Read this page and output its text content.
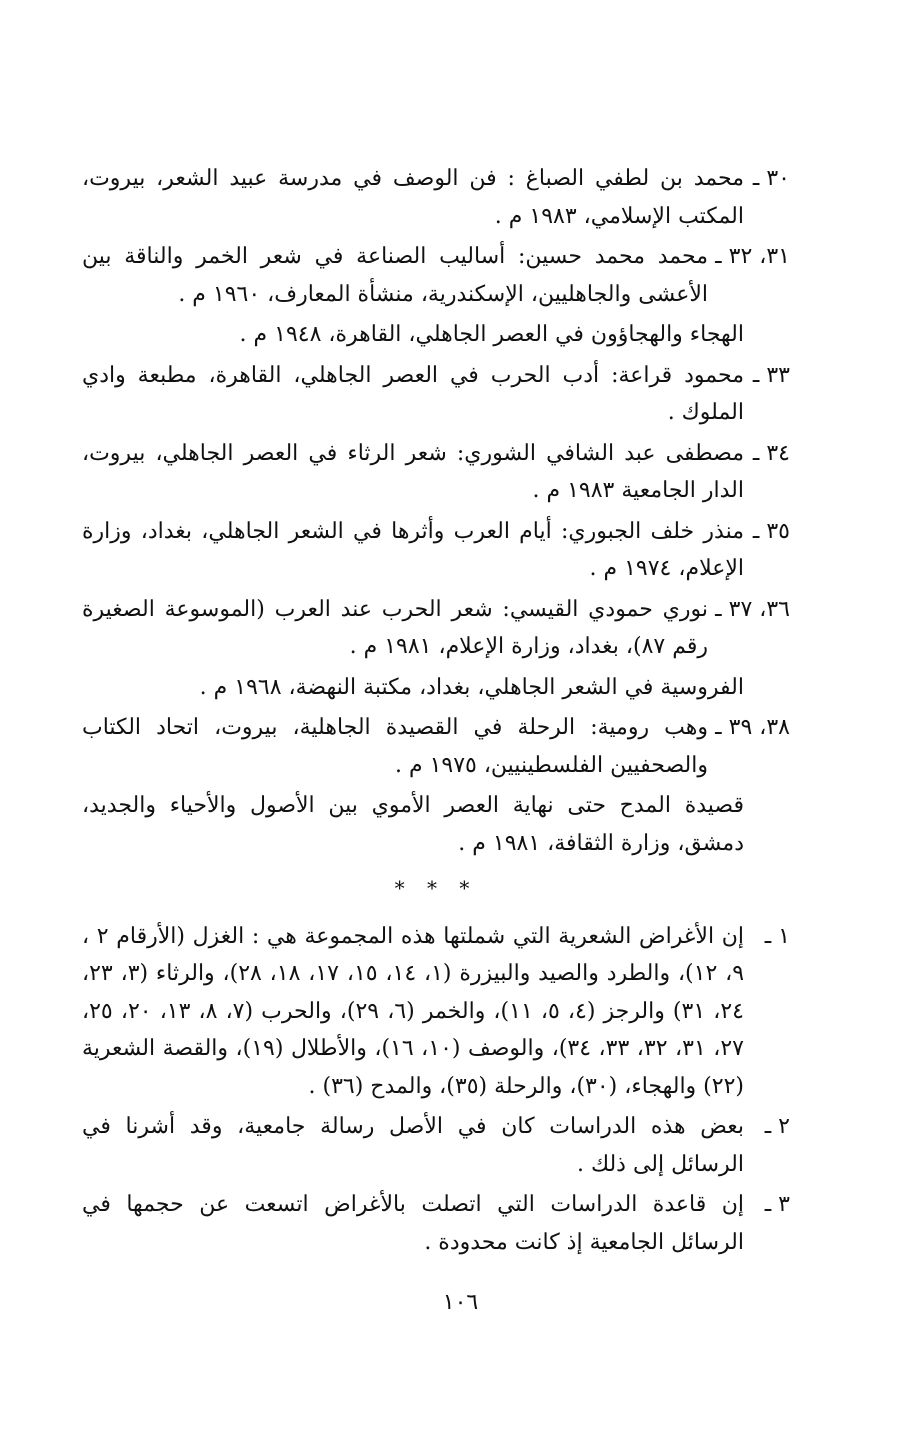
٣٠ ـ
محمد بن لطفي الصباغ : فن الوصف في مدرسة عبيد الشعر، بيروت، المكتب الإسلامي، ١٩٨٣ م .
٣١، ٣٢ ـ
محمد محمد حسين: أساليب الصناعة في شعر الخمر والناقة بين الأعشى والجاهليين، الإسكندرية، منشأة المعارف، ١٩٦٠ م .
الهجاء والهجاؤون في العصر الجاهلي، القاهرة، ١٩٤٨ م .
٣٣ ـ
محمود قراعة: أدب الحرب في العصر الجاهلي، القاهرة، مطبعة وادي الملوك .
٣٤ ـ
مصطفى عبد الشافي الشوري: شعر الرثاء في العصر الجاهلي، بيروت، الدار الجامعية ١٩٨٣ م .
٣٥ ـ
منذر خلف الجبوري: أيام العرب وأثرها في الشعر الجاهلي، بغداد، وزارة الإعلام، ١٩٧٤ م .
٣٦، ٣٧ ـ
نوري حمودي القيسي: شعر الحرب عند العرب (الموسوعة الصغيرة رقم ٨٧)، بغداد، وزارة الإعلام، ١٩٨١ م .
الفروسية في الشعر الجاهلي، بغداد، مكتبة النهضة، ١٩٦٨ م .
٣٨، ٣٩ ـ
وهب رومية: الرحلة في القصيدة الجاهلية، بيروت، اتحاد الكتاب والصحفيين الفلسطينيين، ١٩٧٥ م .
قصيدة المدح حتى نهاية العصر الأموي بين الأصول والأحياء والجديد، دمشق، وزارة الثقافة، ١٩٨١ م .
* * *
١ ـ
إن الأغراض الشعرية التي شملتها هذه المجموعة هي : الغزل (الأرقام ٢ ، ٩، ١٢)، والطرد والصيد والبيزرة (١، ١٤، ١٥، ١٧، ١٨، ٢٨)، والرثاء (٣، ٢٣، ٢٤، ٣١) والرجز (٤، ٥، ١١)، والخمر (٦، ٢٩)، والحرب (٧، ٨، ١٣، ٢٠، ٢٥، ٢٧، ٣١، ٣٢، ٣٣، ٣٤)، والوصف (١٠، ١٦)، والأطلال (١٩)، والقصة الشعرية (٢٢) والهجاء، (٣٠)، والرحلة (٣٥)، والمدح (٣٦) .
٢ ـ
بعض هذه الدراسات كان في الأصل رسالة جامعية، وقد أشرنا في الرسائل إلى ذلك .
٣ ـ
إن قاعدة الدراسات التي اتصلت بالأغراض اتسعت عن حجمها في الرسائل الجامعية إذ كانت محدودة .
١٠٦
